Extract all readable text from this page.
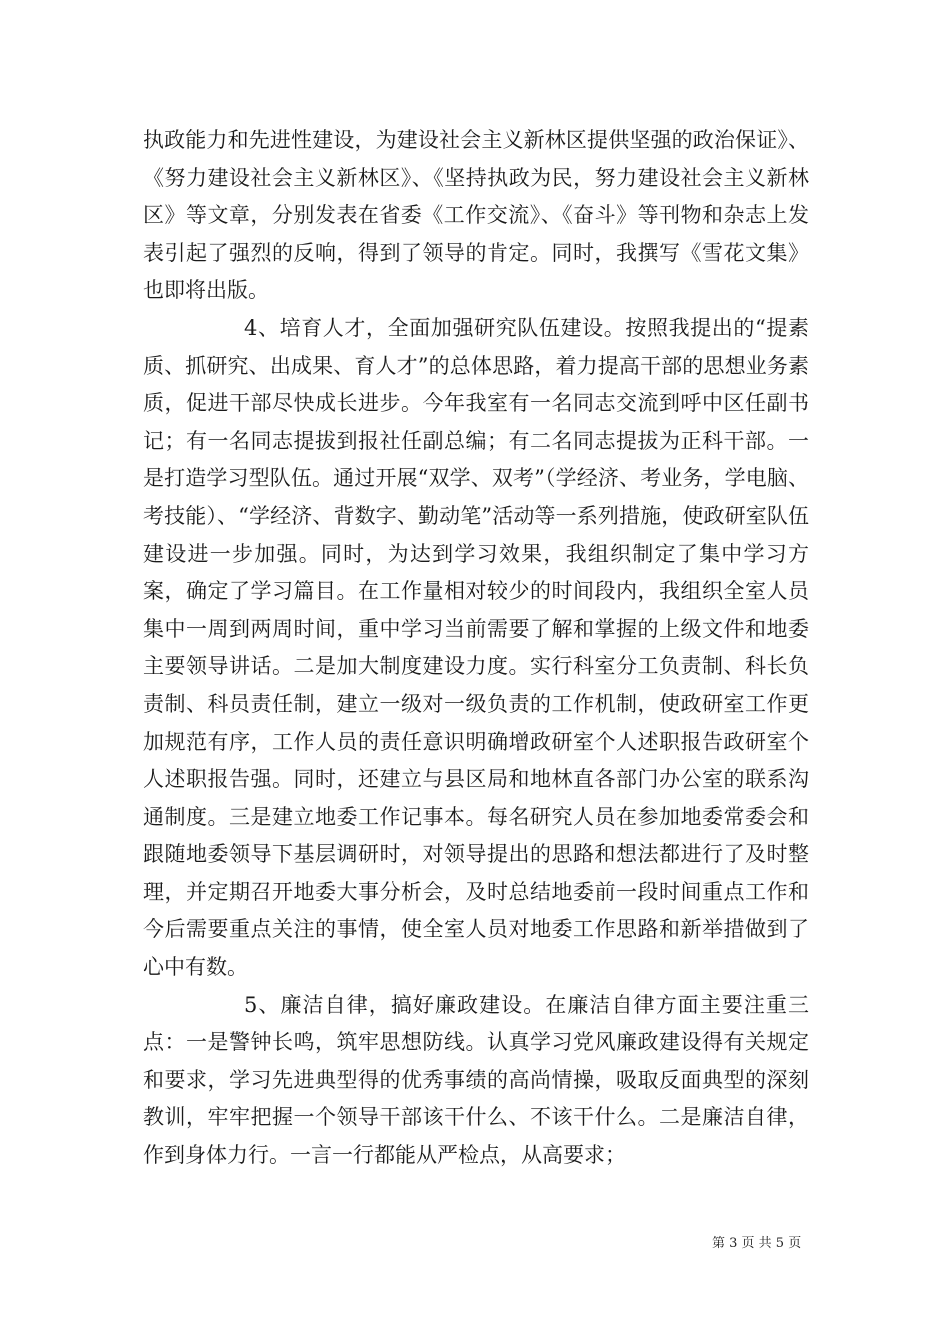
执政能力和先进性建设，为建设社会主义新林区提供坚强的政治保证》、《努力建设社会主义新林区》、《坚持执政为民，努力建设社会主义新林区》等文章，分别发表在省委《工作交流》、《奋斗》等刊物和杂志上发表引起了强烈的反响，得到了领导的肯定。同时，我撰写《雪花文集》也即将出版。

4、培育人才，全面加强研究队伍建设。按照我提出的“提素质、抓研究、出成果、育人才”的总体思路，着力提高干部的思想业务素质，促进干部尽快成长进步。今年我室有一名同志交流到呼中区任副书记；有一名同志提拔到报社任副总编；有二名同志提拔为正科干部。一是打造学习型队伍。通过开展“双学、双考”（学经济、考业务，学电脑、考技能）、“学经济、背数字、勤动笔”活动等一系列措施，使政研室队伍建设进一步加强。同时，为达到学习效果，我组织制定了集中学习方案，确定了学习篇目。在工作量相对较少的时间段内，我组织全室人员集中一周到两周时间，重中学习当前需要了解和掌握的上级文件和地委主要领导讲话。二是加大制度建设力度。实行科室分工负责制、科长负责制、科员责任制，建立一级对一级负责的工作机制，使政研室工作更加规范有序，工作人员的责任意识明确增政研室个人述职报告政研室个人述职报告强。同时，还建立与县区局和地林直各部门办公室的联系沟通制度。三是建立地委工作记事本。每名研究人员在参加地委常委会和跟随地委领导下基层调研时，对领导提出的思路和想法都进行了及时整理，并定期召开地委大事分析会，及时总结地委前一段时间重点工作和今后需要重点关注的事情，使全室人员对地委工作思路和新举措做到了心中有数。

5、廉洁自律，搞好廉政建设。在廉洁自律方面主要注重三点：一是警钟长鸣，筑牢思想防线。认真学习党风廉政建设得有关规定和要求，学习先进典型得的优秀事绩的高尚情操，吸取反面典型的深刻教训，牢牢把握一个领导干部该干什么、不该干什么。二是廉洁自律，作到身体力行。一言一行都能从严检点，从高要求；

第 3 页 共 5 页
